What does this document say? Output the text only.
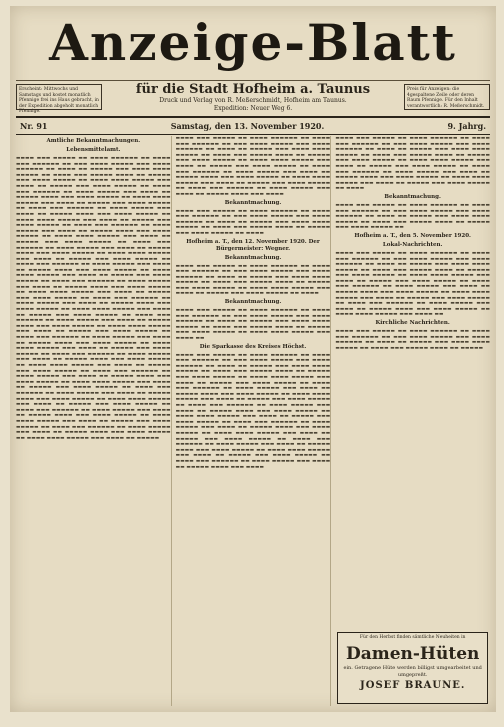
Anzeige-Blatt
Erscheint: Mittwochs und Samstags und kostet monatlich Pfennige frei ins Haus gebracht, in der Expedition abgeholt monatlich Pfennige.
für die Stadt Hofheim a. Taunus
Druck und Verlag von R. Meßerschmidt, Hofheim am Taunus.
Expedition: Neuer Weg 6.
Preis für Anzeigen: die 4gespaltene Zeile oder deren Raum Pfennige. Für den Inhalt verantwortlich: R. Meßerschmidt.
Nr. 91	Samstag, den 13. November 1920.	9. Jahrg.
Amtliche Bekanntmachungen.
Lebensmittelamt.
▬▬▬▬ ▬▬▬ ▬▬▬▬▬ ▬▬ ▬▬▬▬ ▬▬▬▬▬▬ ▬▬ ▬▬▬▬ ▬▬▬ ▬▬▬▬▬▬ ▬▬ ▬▬▬ ▬▬▬▬ ▬▬▬▬▬ ▬▬▬ ▬▬▬▬ ▬▬▬▬▬▬ ▬▬ ▬▬▬▬ ▬▬ ▬▬▬▬▬ ▬▬▬ ▬▬▬▬ ▬▬▬▬ ▬▬▬▬▬ ▬▬ ▬▬▬▬ ▬▬▬ ▬▬▬▬▬ ▬▬▬▬ ▬▬ ▬▬▬▬▬ ▬▬▬ ▬▬▬▬ ▬▬▬▬▬ ▬▬ ▬▬▬▬ ▬▬▬▬ ▬▬▬▬▬ ▬▬▬ ▬▬▬▬ ▬▬ ▬▬▬▬▬ ▬▬▬ ▬▬▬▬ ▬▬▬▬▬ ▬▬ ▬▬▬▬ ▬▬▬ ▬▬▬▬▬▬ ▬▬ ▬▬▬▬ ▬▬▬▬▬ ▬▬▬ ▬▬▬▬ ▬▬ ▬▬▬▬▬ ▬▬▬▬ ▬▬▬ ▬▬▬▬ ▬▬▬▬▬ ▬▬ ▬▬▬▬ ▬▬▬▬ ▬▬▬▬▬ ▬▬▬ ▬▬▬▬ ▬▬ ▬▬▬▬▬ ▬▬▬ ▬▬▬▬ ▬▬▬▬▬ ▬▬ ▬▬▬▬ ▬▬▬ ▬▬▬▬▬▬ ▬▬ ▬▬▬▬ ▬▬▬▬▬ ▬▬▬ ▬▬▬▬ ▬▬ ▬▬▬▬▬ ▬▬▬▬ ▬▬▬ ▬▬▬▬ ▬▬▬▬▬ ▬▬ ▬▬▬▬ ▬▬▬▬ ▬▬▬▬▬ ▬▬▬ ▬▬▬▬ ▬▬ ▬▬▬▬▬ ▬▬▬ ▬▬▬▬ ▬▬▬▬▬ ▬▬ ▬▬▬▬ ▬▬▬ ▬▬▬▬▬▬ ▬▬ ▬▬▬▬ ▬▬▬▬▬ ▬▬▬ ▬▬▬▬ ▬▬ ▬▬▬▬▬ ▬▬▬▬ ▬▬▬ ▬▬▬▬ ▬▬▬▬▬ ▬▬ ▬▬▬▬ ▬▬▬▬ ▬▬▬▬▬ ▬▬▬ ▬▬▬▬ ▬▬ ▬▬▬▬▬ ▬▬▬ ▬▬▬▬ ▬▬▬▬▬ ▬▬ ▬▬▬▬ ▬▬▬ ▬▬▬▬▬▬ ▬▬ ▬▬▬▬ ▬▬▬▬▬ ▬▬▬ ▬▬▬▬ ▬▬ ▬▬▬▬▬ ▬▬▬▬ ▬▬▬ ▬▬▬▬ ▬▬▬▬▬ ▬▬ ▬▬▬▬ ▬▬▬▬ ▬▬▬▬▬ ▬▬▬ ▬▬▬▬ ▬▬ ▬▬▬▬▬ ▬▬▬ ▬▬▬▬ ▬▬▬▬▬ ▬▬ ▬▬▬▬ ▬▬▬ ▬▬▬▬▬▬ ▬▬ ▬▬▬▬ ▬▬▬▬▬ ▬▬▬ ▬▬▬▬ ▬▬ ▬▬▬▬▬ ▬▬▬▬ ▬▬▬ ▬▬▬▬ ▬▬▬▬▬ ▬▬ ▬▬▬▬ ▬▬▬▬ ▬▬▬▬▬ ▬▬▬ ▬▬▬▬ ▬▬ ▬▬▬▬▬ ▬▬▬ ▬▬▬▬ ▬▬▬▬▬ ▬▬ ▬▬▬▬ ▬▬▬ ▬▬▬▬▬▬ ▬▬ ▬▬▬▬ ▬▬▬▬▬ ▬▬▬ ▬▬▬▬ ▬▬ ▬▬▬▬▬ ▬▬▬▬ ▬▬▬ ▬▬▬▬ ▬▬▬▬▬ ▬▬ ▬▬▬▬ ▬▬▬▬ ▬▬▬▬▬ ▬▬▬ ▬▬▬▬ ▬▬ ▬▬▬▬▬ ▬▬▬ ▬▬▬▬ ▬▬▬▬▬ ▬▬ ▬▬▬▬ ▬▬▬ ▬▬▬▬▬▬ ▬▬ ▬▬▬▬ ▬▬▬▬▬ ▬▬▬ ▬▬▬▬ ▬▬ ▬▬▬▬▬ ▬▬▬▬ ▬▬▬ ▬▬▬▬ ▬▬▬▬▬ ▬▬ ▬▬▬▬ ▬▬▬▬ ▬▬▬▬▬ ▬▬▬ ▬▬▬▬ ▬▬ ▬▬▬▬▬ ▬▬▬ ▬▬▬▬ ▬▬▬▬▬ ▬▬ ▬▬▬▬ ▬▬▬ ▬▬▬▬▬▬ ▬▬ ▬▬▬▬ ▬▬▬▬▬ ▬▬▬ ▬▬▬▬ ▬▬ ▬▬▬▬▬ ▬▬▬▬ ▬▬▬ ▬▬▬▬ ▬▬▬▬▬ ▬▬ ▬▬▬▬ ▬▬▬▬ ▬▬▬▬▬ ▬▬▬ ▬▬▬▬ ▬▬ ▬▬▬▬▬ ▬▬▬ ▬▬▬▬ ▬▬▬▬▬ ▬▬ ▬▬▬▬ ▬▬▬ ▬▬▬▬▬▬ ▬▬ ▬▬▬▬ ▬▬▬▬▬ ▬▬▬ ▬▬▬▬ ▬▬ ▬▬▬▬▬ ▬▬▬▬ ▬▬▬ ▬▬▬▬ ▬▬▬▬▬ ▬▬ ▬▬▬▬ ▬▬▬▬ ▬▬▬▬▬ ▬▬▬ ▬▬▬▬ ▬▬ ▬▬▬▬▬ ▬▬▬ ▬▬▬▬ ▬▬▬▬▬ ▬▬ ▬▬▬▬ ▬▬▬ ▬▬▬▬▬▬ ▬▬ ▬▬▬▬ ▬▬▬▬▬ ▬▬▬ ▬▬▬▬ ▬▬ ▬▬▬▬▬ ▬▬▬▬ ▬▬▬ ▬▬▬▬ ▬▬▬▬▬ ▬▬ ▬▬▬▬ ▬▬▬▬ ▬▬▬▬▬ ▬▬▬ ▬▬▬▬ ▬▬ ▬▬▬▬▬ ▬▬▬ ▬▬▬▬ ▬▬▬▬▬ ▬▬ ▬▬▬▬ ▬▬▬ ▬▬▬▬▬▬ ▬▬ ▬▬▬▬ ▬▬▬▬▬ ▬▬▬ ▬▬▬▬ ▬▬ ▬▬▬▬▬ ▬▬▬▬ ▬▬▬ ▬▬▬▬ ▬▬▬▬▬ ▬▬ ▬▬▬▬ ▬▬▬▬ ▬▬▬▬▬ ▬▬▬ ▬▬▬▬ ▬▬ ▬▬▬▬▬ ▬▬▬ ▬▬▬▬ ▬▬▬▬▬ ▬▬ ▬▬▬▬ ▬▬▬ ▬▬▬▬▬▬ ▬▬ ▬▬▬▬ ▬▬▬▬▬ ▬▬▬ ▬▬▬▬ ▬▬ ▬▬▬▬▬ ▬▬▬▬ ▬▬▬ ▬▬▬▬ ▬▬▬▬▬ ▬▬ ▬▬▬▬ ▬▬▬▬ ▬▬▬▬▬ ▬▬▬ ▬▬▬▬ ▬▬ ▬▬▬▬▬ ▬▬▬ ▬▬▬▬ ▬▬▬▬▬ ▬▬ ▬▬▬▬ ▬▬▬ ▬▬▬▬▬▬ ▬▬ ▬▬▬▬ ▬▬▬▬▬ ▬▬▬ ▬▬▬▬ ▬▬ ▬▬▬▬▬ ▬▬▬▬ ▬▬▬ ▬▬▬▬ ▬▬▬▬▬ ▬▬ ▬▬▬▬ ▬▬▬▬ ▬▬▬▬▬ ▬▬▬ ▬▬▬▬ ▬▬ ▬▬▬▬▬ ▬▬▬ ▬▬▬▬ ▬▬▬▬▬ ▬▬ ▬▬▬▬ ▬▬▬ ▬▬▬▬▬▬ ▬▬ ▬▬▬▬ ▬▬▬▬▬ ▬▬▬ ▬▬▬▬ ▬▬ ▬▬▬▬▬ ▬▬▬▬ ▬▬▬ ▬▬▬▬ ▬▬▬▬▬ ▬▬ ▬▬▬▬ ▬▬▬▬ ▬▬▬▬▬ ▬▬▬ ▬▬▬▬ ▬▬ ▬▬▬▬▬
▬▬▬▬ ▬▬▬ ▬▬▬▬▬ ▬▬ ▬▬▬▬ ▬▬▬▬▬▬ ▬▬ ▬▬▬▬ ▬▬▬ ▬▬▬▬▬▬ ▬▬ ▬▬▬ ▬▬▬▬ ▬▬▬▬▬ ▬▬▬ ▬▬▬▬ ▬▬▬▬▬▬ ▬▬ ▬▬▬▬ ▬▬ ▬▬▬▬▬ ▬▬▬ ▬▬▬▬ ▬▬▬▬ ▬▬▬▬▬ ▬▬ ▬▬▬▬ ▬▬▬ ▬▬▬▬▬ ▬▬▬▬ ▬▬ ▬▬▬▬▬ ▬▬▬ ▬▬▬▬ ▬▬▬▬▬ ▬▬ ▬▬▬▬ ▬▬▬▬ ▬▬▬▬▬ ▬▬▬ ▬▬▬▬ ▬▬ ▬▬▬▬▬ ▬▬▬ ▬▬▬▬ ▬▬▬▬▬ ▬▬ ▬▬▬▬ ▬▬▬ ▬▬▬▬▬▬ ▬▬ ▬▬▬▬ ▬▬▬▬▬ ▬▬▬ ▬▬▬▬ ▬▬ ▬▬▬▬▬ ▬▬▬▬ ▬▬▬ ▬▬▬▬ ▬▬▬▬▬ ▬▬ ▬▬▬▬ ▬▬▬▬ ▬▬▬▬▬ ▬▬▬ ▬▬▬▬ ▬▬ ▬▬▬▬▬ ▬▬▬ ▬▬▬▬ ▬▬▬▬▬ ▬▬ ▬▬▬▬ ▬▬▬ ▬▬▬▬▬▬ ▬▬ ▬▬▬▬ ▬▬▬▬▬ ▬▬▬ ▬▬▬▬ ▬▬ ▬▬▬▬▬ ▬▬▬▬ ▬▬▬ ▬▬▬▬
Bekanntmachung.
▬▬▬▬ ▬▬▬ ▬▬▬▬▬ ▬▬ ▬▬▬▬ ▬▬▬▬▬▬ ▬▬ ▬▬▬▬ ▬▬▬ ▬▬▬▬▬▬ ▬▬ ▬▬▬ ▬▬▬▬ ▬▬▬▬▬ ▬▬▬ ▬▬▬▬ ▬▬▬▬▬▬ ▬▬ ▬▬▬▬ ▬▬ ▬▬▬▬▬ ▬▬▬ ▬▬▬▬ ▬▬▬▬ ▬▬▬▬▬ ▬▬ ▬▬▬▬ ▬▬▬ ▬▬▬▬▬ ▬▬▬▬ ▬▬ ▬▬▬▬▬ ▬▬▬ ▬▬▬▬ ▬▬▬▬▬ ▬▬ ▬▬▬▬
Hofheim a. T., den 12. November 1920. Der Bürgermeister: Wegner.
Bekanntmachung.
▬▬▬▬ ▬▬▬ ▬▬▬▬▬ ▬▬ ▬▬▬▬ ▬▬▬▬▬▬ ▬▬ ▬▬▬▬ ▬▬▬ ▬▬▬▬▬▬ ▬▬ ▬▬▬ ▬▬▬▬ ▬▬▬▬▬ ▬▬▬ ▬▬▬▬ ▬▬▬▬▬▬ ▬▬ ▬▬▬▬ ▬▬ ▬▬▬▬▬ ▬▬▬ ▬▬▬▬ ▬▬▬▬ ▬▬▬▬▬ ▬▬ ▬▬▬▬ ▬▬▬ ▬▬▬▬▬ ▬▬▬▬ ▬▬ ▬▬▬▬▬ ▬▬▬ ▬▬▬▬ ▬▬▬▬▬ ▬▬ ▬▬▬▬ ▬▬▬▬ ▬▬▬▬▬ ▬▬▬ ▬▬▬▬ ▬▬ ▬▬▬▬▬ ▬▬▬ ▬▬▬▬ ▬▬▬▬▬ ▬▬ ▬▬▬▬
Bekanntmachung.
▬▬▬▬ ▬▬▬ ▬▬▬▬▬ ▬▬ ▬▬▬▬ ▬▬▬▬▬▬ ▬▬ ▬▬▬▬ ▬▬▬ ▬▬▬▬▬▬ ▬▬ ▬▬▬ ▬▬▬▬ ▬▬▬▬▬ ▬▬▬ ▬▬▬▬ ▬▬▬▬▬▬ ▬▬ ▬▬▬▬ ▬▬ ▬▬▬▬▬ ▬▬▬ ▬▬▬▬ ▬▬▬▬ ▬▬▬▬▬ ▬▬ ▬▬▬▬ ▬▬▬ ▬▬▬▬▬ ▬▬▬▬ ▬▬ ▬▬▬▬▬ ▬▬▬ ▬▬▬▬ ▬▬▬▬▬ ▬▬ ▬▬▬▬ ▬▬▬▬ ▬▬▬▬▬ ▬▬▬ ▬▬▬▬ ▬▬
Die Sparkasse des Kreises Höchst.
▬▬▬▬ ▬▬▬ ▬▬▬▬▬ ▬▬ ▬▬▬▬ ▬▬▬▬▬▬ ▬▬ ▬▬▬▬ ▬▬▬ ▬▬▬▬▬▬ ▬▬ ▬▬▬ ▬▬▬▬ ▬▬▬▬▬ ▬▬▬ ▬▬▬▬ ▬▬▬▬▬▬ ▬▬ ▬▬▬▬ ▬▬ ▬▬▬▬▬ ▬▬▬ ▬▬▬▬ ▬▬▬▬ ▬▬▬▬▬ ▬▬ ▬▬▬▬ ▬▬▬ ▬▬▬▬▬ ▬▬▬▬ ▬▬ ▬▬▬▬▬ ▬▬▬ ▬▬▬▬ ▬▬▬▬▬ ▬▬ ▬▬▬▬ ▬▬▬▬ ▬▬▬▬▬ ▬▬▬ ▬▬▬▬ ▬▬ ▬▬▬▬▬ ▬▬▬ ▬▬▬▬ ▬▬▬▬▬ ▬▬ ▬▬▬▬ ▬▬▬ ▬▬▬▬▬▬ ▬▬ ▬▬▬▬ ▬▬▬▬▬ ▬▬▬ ▬▬▬▬ ▬▬ ▬▬▬▬▬ ▬▬▬▬ ▬▬▬ ▬▬▬▬ ▬▬▬▬▬ ▬▬ ▬▬▬▬ ▬▬▬▬ ▬▬▬▬▬ ▬▬▬ ▬▬▬▬ ▬▬ ▬▬▬▬▬ ▬▬▬ ▬▬▬▬ ▬▬▬▬▬ ▬▬ ▬▬▬▬ ▬▬▬ ▬▬▬▬▬▬ ▬▬ ▬▬▬▬ ▬▬▬▬▬ ▬▬▬ ▬▬▬▬ ▬▬ ▬▬▬▬▬ ▬▬▬▬ ▬▬▬ ▬▬▬▬ ▬▬▬▬▬ ▬▬ ▬▬▬▬ ▬▬▬▬ ▬▬▬▬▬ ▬▬▬ ▬▬▬▬ ▬▬ ▬▬▬▬▬ ▬▬▬ ▬▬▬▬ ▬▬▬▬▬ ▬▬ ▬▬▬▬ ▬▬▬ ▬▬▬▬▬▬ ▬▬ ▬▬▬▬ ▬▬▬▬▬ ▬▬▬ ▬▬▬▬ ▬▬ ▬▬▬▬▬ ▬▬▬▬ ▬▬▬ ▬▬▬▬ ▬▬▬▬▬ ▬▬ ▬▬▬▬ ▬▬▬▬ ▬▬▬▬▬ ▬▬▬ ▬▬▬▬ ▬▬ ▬▬▬▬▬ ▬▬▬ ▬▬▬▬ ▬▬▬▬▬ ▬▬ ▬▬▬▬ ▬▬▬ ▬▬▬▬▬▬ ▬▬ ▬▬▬▬ ▬▬▬▬▬ ▬▬▬ ▬▬▬▬ ▬▬ ▬▬▬▬▬ ▬▬▬▬ ▬▬▬ ▬▬▬▬ ▬▬▬▬▬ ▬▬ ▬▬▬▬ ▬▬▬▬ ▬▬▬▬▬ ▬▬▬ ▬▬▬▬ ▬▬ ▬▬▬▬▬ ▬▬▬ ▬▬▬▬ ▬▬▬▬▬ ▬▬ ▬▬▬▬ ▬▬▬ ▬▬▬▬▬▬ ▬▬ ▬▬▬▬ ▬▬▬▬▬ ▬▬▬ ▬▬▬▬ ▬▬ ▬▬▬▬▬ ▬▬▬▬ ▬▬▬ ▬▬▬▬
▬▬▬▬ ▬▬▬ ▬▬▬▬▬ ▬▬ ▬▬▬▬ ▬▬▬▬▬▬ ▬▬ ▬▬▬▬ ▬▬▬ ▬▬▬▬▬▬ ▬▬ ▬▬▬ ▬▬▬▬ ▬▬▬▬▬ ▬▬▬ ▬▬▬▬ ▬▬▬▬▬▬ ▬▬ ▬▬▬▬ ▬▬ ▬▬▬▬▬ ▬▬▬ ▬▬▬▬ ▬▬▬▬ ▬▬▬▬▬ ▬▬ ▬▬▬▬ ▬▬▬ ▬▬▬▬▬ ▬▬▬▬ ▬▬ ▬▬▬▬▬ ▬▬▬ ▬▬▬▬ ▬▬▬▬▬ ▬▬ ▬▬▬▬ ▬▬▬▬ ▬▬▬▬▬ ▬▬▬ ▬▬▬▬ ▬▬ ▬▬▬▬▬ ▬▬▬ ▬▬▬▬ ▬▬▬▬▬ ▬▬ ▬▬▬▬ ▬▬▬ ▬▬▬▬▬▬ ▬▬ ▬▬▬▬ ▬▬▬▬▬ ▬▬▬ ▬▬▬▬ ▬▬ ▬▬▬▬▬ ▬▬▬▬ ▬▬▬ ▬▬▬▬ ▬▬▬▬▬ ▬▬ ▬▬▬▬ ▬▬▬▬ ▬▬▬▬▬ ▬▬▬ ▬▬▬▬ ▬▬ ▬▬▬▬▬ ▬▬▬ ▬▬▬▬ ▬▬▬▬▬ ▬▬ ▬▬▬▬
Bekanntmachung.
▬▬▬▬ ▬▬▬ ▬▬▬▬▬ ▬▬ ▬▬▬▬ ▬▬▬▬▬▬ ▬▬ ▬▬▬▬ ▬▬▬ ▬▬▬▬▬▬ ▬▬ ▬▬▬ ▬▬▬▬ ▬▬▬▬▬ ▬▬▬ ▬▬▬▬ ▬▬▬▬▬▬ ▬▬ ▬▬▬▬ ▬▬ ▬▬▬▬▬ ▬▬▬ ▬▬▬▬ ▬▬▬▬ ▬▬▬▬▬ ▬▬ ▬▬▬▬ ▬▬▬ ▬▬▬▬▬ ▬▬▬▬ ▬▬ ▬▬▬▬▬ ▬▬▬ ▬▬▬▬ ▬▬▬▬▬ ▬▬
Hofheim a. T., den 5. November 1920.
Lokal-Nachrichten.
▬▬▬▬ ▬▬▬ ▬▬▬▬▬ ▬▬ ▬▬▬▬ ▬▬▬▬▬▬ ▬▬ ▬▬▬▬ ▬▬▬ ▬▬▬▬▬▬ ▬▬ ▬▬▬ ▬▬▬▬ ▬▬▬▬▬ ▬▬▬ ▬▬▬▬ ▬▬▬▬▬▬ ▬▬ ▬▬▬▬ ▬▬ ▬▬▬▬▬ ▬▬▬ ▬▬▬▬ ▬▬▬▬ ▬▬▬▬▬ ▬▬ ▬▬▬▬ ▬▬▬ ▬▬▬▬▬ ▬▬▬▬ ▬▬ ▬▬▬▬▬ ▬▬▬ ▬▬▬▬ ▬▬▬▬▬ ▬▬ ▬▬▬▬ ▬▬▬▬ ▬▬▬▬▬ ▬▬▬ ▬▬▬▬ ▬▬ ▬▬▬▬▬ ▬▬▬ ▬▬▬▬ ▬▬▬▬▬ ▬▬ ▬▬▬▬ ▬▬▬ ▬▬▬▬▬▬ ▬▬ ▬▬▬▬ ▬▬▬▬▬ ▬▬▬ ▬▬▬▬ ▬▬ ▬▬▬▬▬ ▬▬▬▬ ▬▬▬ ▬▬▬▬ ▬▬▬▬▬ ▬▬ ▬▬▬▬ ▬▬▬▬ ▬▬▬▬▬ ▬▬▬ ▬▬▬▬ ▬▬ ▬▬▬▬▬ ▬▬▬ ▬▬▬▬ ▬▬▬▬▬ ▬▬ ▬▬▬▬ ▬▬▬ ▬▬▬▬▬▬ ▬▬ ▬▬▬▬ ▬▬▬▬▬ ▬▬▬ ▬▬▬▬ ▬▬ ▬▬▬▬▬ ▬▬▬▬ ▬▬▬ ▬▬▬▬ ▬▬▬▬▬ ▬▬ ▬▬▬▬ ▬▬▬▬ ▬▬▬▬▬ ▬▬▬ ▬▬▬▬ ▬▬
Kirchliche Nachrichten.
▬▬▬▬ ▬▬▬ ▬▬▬▬▬ ▬▬ ▬▬▬▬ ▬▬▬▬▬▬ ▬▬ ▬▬▬▬ ▬▬▬ ▬▬▬▬▬▬ ▬▬ ▬▬▬ ▬▬▬▬ ▬▬▬▬▬ ▬▬▬ ▬▬▬▬ ▬▬▬▬▬▬ ▬▬ ▬▬▬▬ ▬▬ ▬▬▬▬▬ ▬▬▬ ▬▬▬▬ ▬▬▬▬ ▬▬▬▬▬ ▬▬ ▬▬▬▬ ▬▬▬ ▬▬▬▬▬ ▬▬▬▬ ▬▬ ▬▬▬▬▬
Für den Herbst finden sämtliche Neuheiten in
Damen-Hüten
ein. Getragene Hüte werden billigst umgearbeitet und umgepreßt.
JOSEF BRAUNE.
